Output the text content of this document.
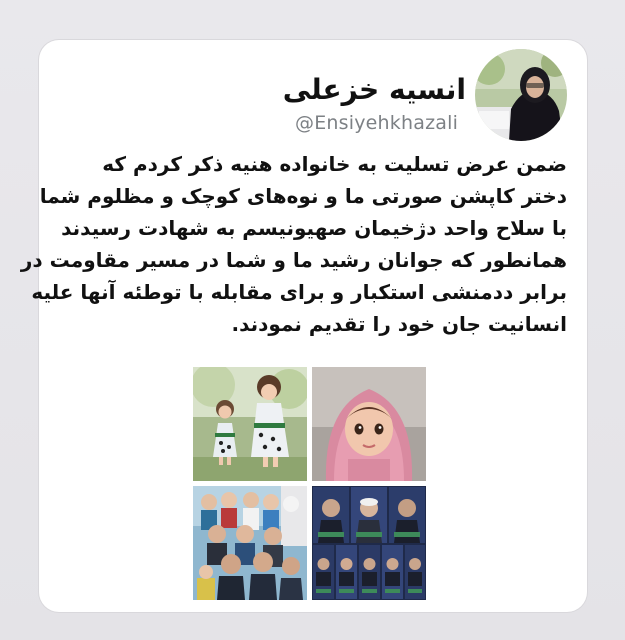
انسیه خزعلی
@Ensiyehkhazali
ضمن عرض تسلیت به خانواده هنیه ذکر کردم که
دختر کاپشن صورتی ما و نوه‌های کوچک و مظلوم شما
با سلاح واحد دژخیمان صهیونیسم به شهادت رسیدند
همانطور که جوانان رشید ما و شما در مسیر مقاومت در
برابر ددمنشی استکبار و برای مقابله با توطئه آنها علیه
انسانیت جان خود را تقدیم نمودند.
